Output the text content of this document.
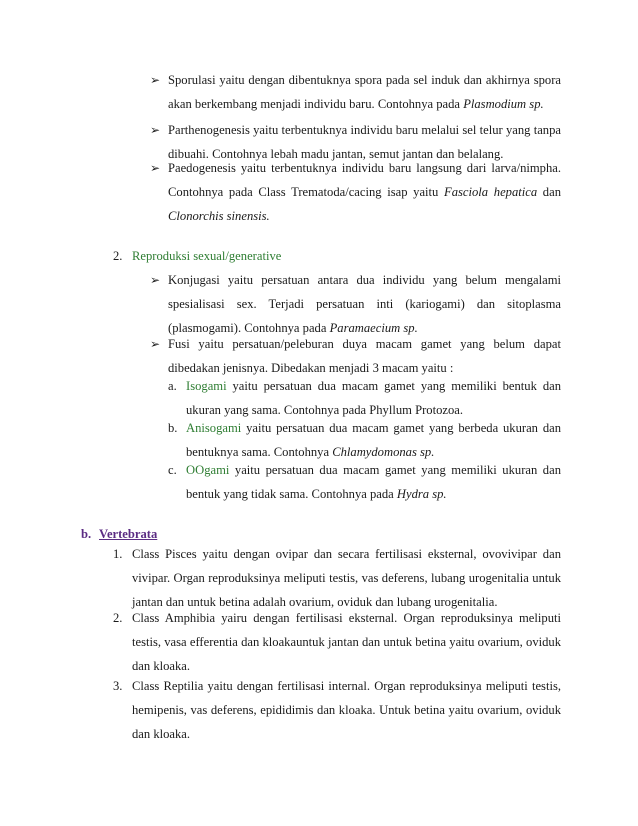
➢ Sporulasi yaitu dengan dibentuknya spora pada sel induk dan akhirnya spora akan berkembang menjadi individu baru. Contohnya pada Plasmodium sp.

➢ Parthenogenesis yaitu terbentuknya individu baru melalui sel telur yang tanpa dibuahi. Contohnya lebah madu jantan, semut jantan dan belalang.

➢ Paedogenesis yaitu terbentuknya individu baru langsung dari larva/nimpha. Contohnya pada Class Trematoda/cacing isap yaitu Fasciola hepatica dan Clonorchis sinensis.

2. Reproduksi sexual/generative
➢ Konjugasi yaitu persatuan antara dua individu yang belum mengalami spesialisasi sex. Terjadi persatuan inti (kariogami) dan sitoplasma (plasmogami). Contohnya pada Paramaecium sp.

➢ Fusi yaitu persatuan/peleburan duya macam gamet yang belum dapat dibedakan jenisnya. Dibedakan menjadi 3 macam yaitu :

a. Isogami yaitu persatuan dua macam gamet yang memiliki bentuk dan ukuran yang sama. Contohnya pada Phyllum Protozoa.

b. Anisogami yaitu persatuan dua macam gamet yang berbeda ukuran dan bentuknya sama. Contohnya Chlamydomonas sp.

c. OOgami yaitu persatuan dua macam gamet yang memiliki ukuran dan bentuk yang tidak sama. Contohnya pada Hydra sp.

b. Vertebrata
1. Class Pisces yaitu dengan ovipar dan secara fertilisasi eksternal, ovovivipar dan vivipar. Organ reproduksinya meliputi testis, vas deferens, lubang urogenitalia untuk jantan dan untuk betina adalah ovarium, oviduk dan lubang urogenitalia.

2. Class Amphibia yairu dengan fertilisasi eksternal. Organ reproduksinya meliputi testis, vasa efferentia dan kloakauntuk jantan dan untuk betina yaitu ovarium, oviduk dan kloaka.

3. Class Reptilia yaitu dengan fertilisasi internal. Organ reproduksinya meliputi testis, hemipenis, vas deferens, epididimis dan kloaka. Untuk betina yaitu ovarium, oviduk dan kloaka.
